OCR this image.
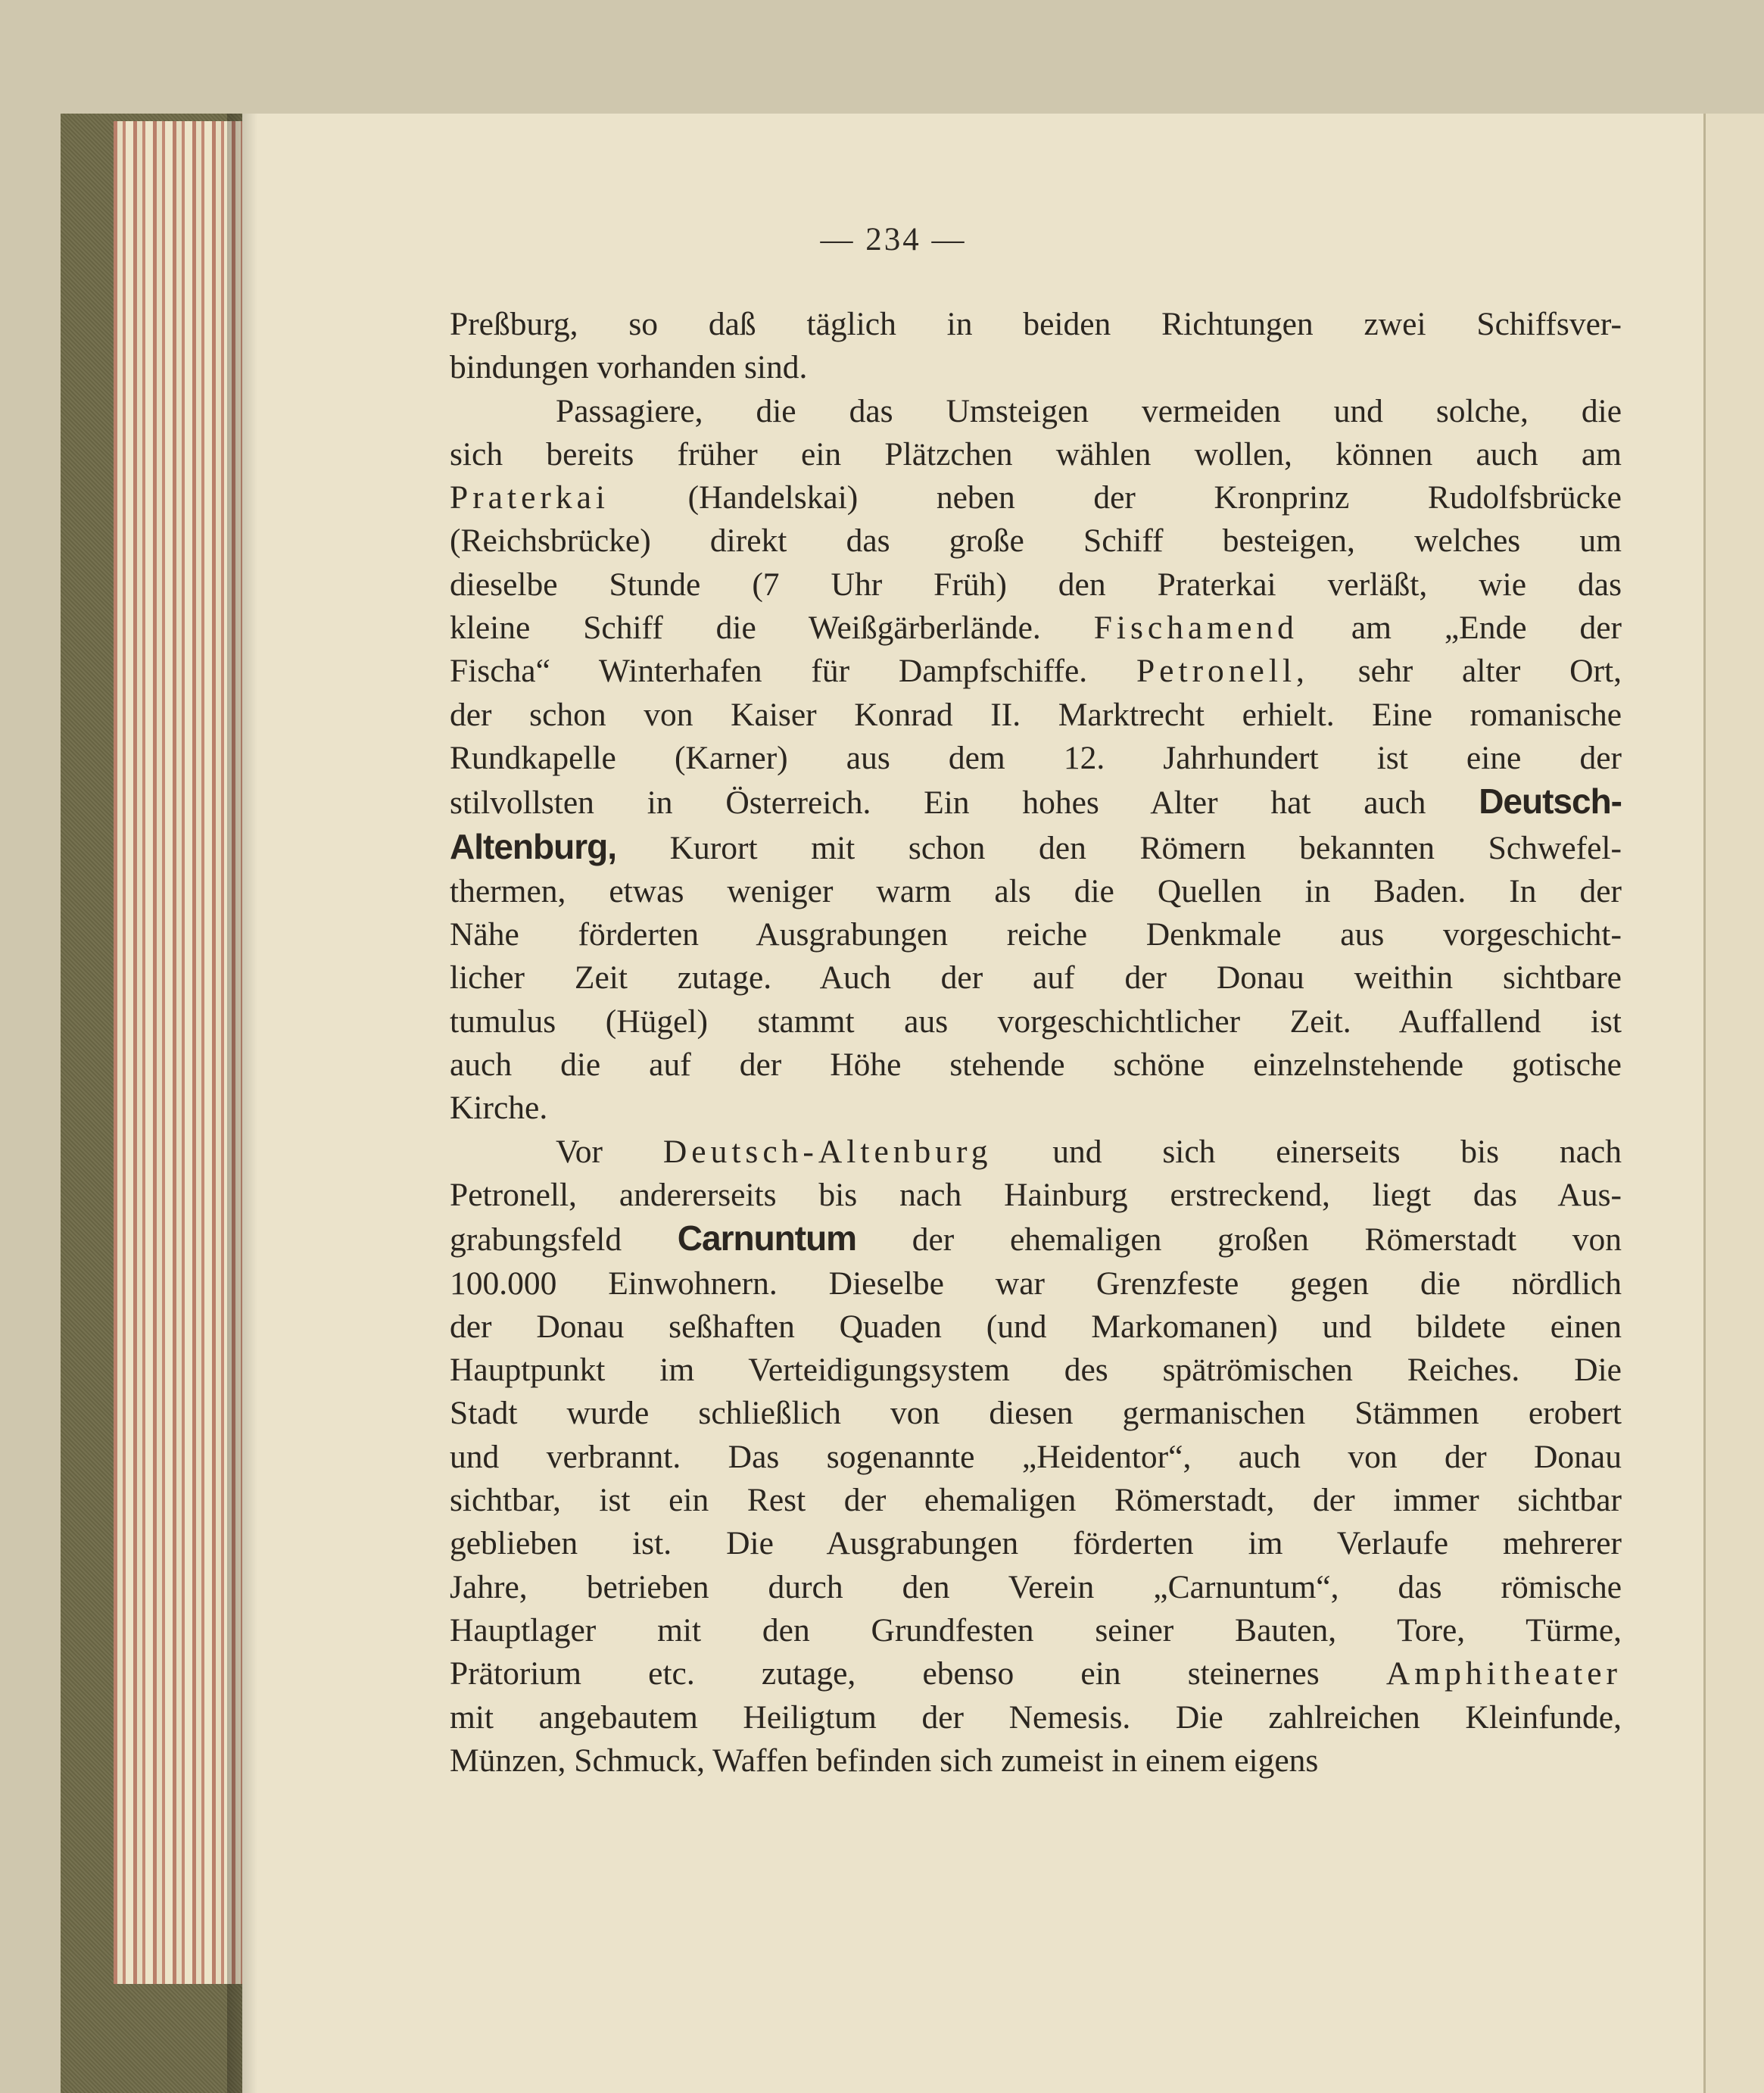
— 234 —

Preßburg, so daß täglich in beiden Richtungen zwei Schiffsver-
bindungen vorhanden sind.

Passagiere, die das Umsteigen vermeiden und solche, die
sich bereits früher ein Plätzchen wählen wollen, können auch am
Praterkai (Handelskai) neben der Kronprinz Rudolfsbrücke
(Reichsbrücke) direkt das große Schiff besteigen, welches um
dieselbe Stunde (7 Uhr Früh) den Praterkai verläßt, wie das
kleine Schiff die Weißgärberlände. Fischamend am „Ende der
Fischa“ Winterhafen für Dampfschiffe. Petronell, sehr alter Ort,
der schon von Kaiser Konrad II. Marktrecht erhielt. Eine romanische
Rundkapelle (Karner) aus dem 12. Jahrhundert ist eine der
stilvollsten in Österreich. Ein hohes Alter hat auch Deutsch-
Altenburg, Kurort mit schon den Römern bekannten Schwefel-
thermen, etwas weniger warm als die Quellen in Baden. In der
Nähe förderten Ausgrabungen reiche Denkmale aus vorgeschicht-
licher Zeit zutage. Auch der auf der Donau weithin sichtbare
tumulus (Hügel) stammt aus vorgeschichtlicher Zeit. Auffallend ist
auch die auf der Höhe stehende schöne einzelnstehende gotische
Kirche.

Vor Deutsch-Altenburg und sich einerseits bis nach
Petronell, andererseits bis nach Hainburg erstreckend, liegt das Aus-
grabungsfeld Carnuntum der ehemaligen großen Römerstadt von
100.000 Einwohnern. Dieselbe war Grenzfeste gegen die nördlich
der Donau seßhaften Quaden (und Markomanen) und bildete einen
Hauptpunkt im Verteidigungsystem des spätrömischen Reiches. Die
Stadt wurde schließlich von diesen germanischen Stämmen erobert
und verbrannt. Das sogenannte „Heidentor“, auch von der Donau
sichtbar, ist ein Rest der ehemaligen Römerstadt, der immer sichtbar
geblieben ist. Die Ausgrabungen förderten im Verlaufe mehrerer
Jahre, betrieben durch den Verein „Carnuntum“, das römische
Hauptlager mit den Grundfesten seiner Bauten, Tore, Türme,
Prätorium etc. zutage, ebenso ein steinernes Amphitheater
mit angebautem Heiligtum der Nemesis. Die zahlreichen Kleinfunde,
Münzen, Schmuck, Waffen befinden sich zumeist in einem eigens
